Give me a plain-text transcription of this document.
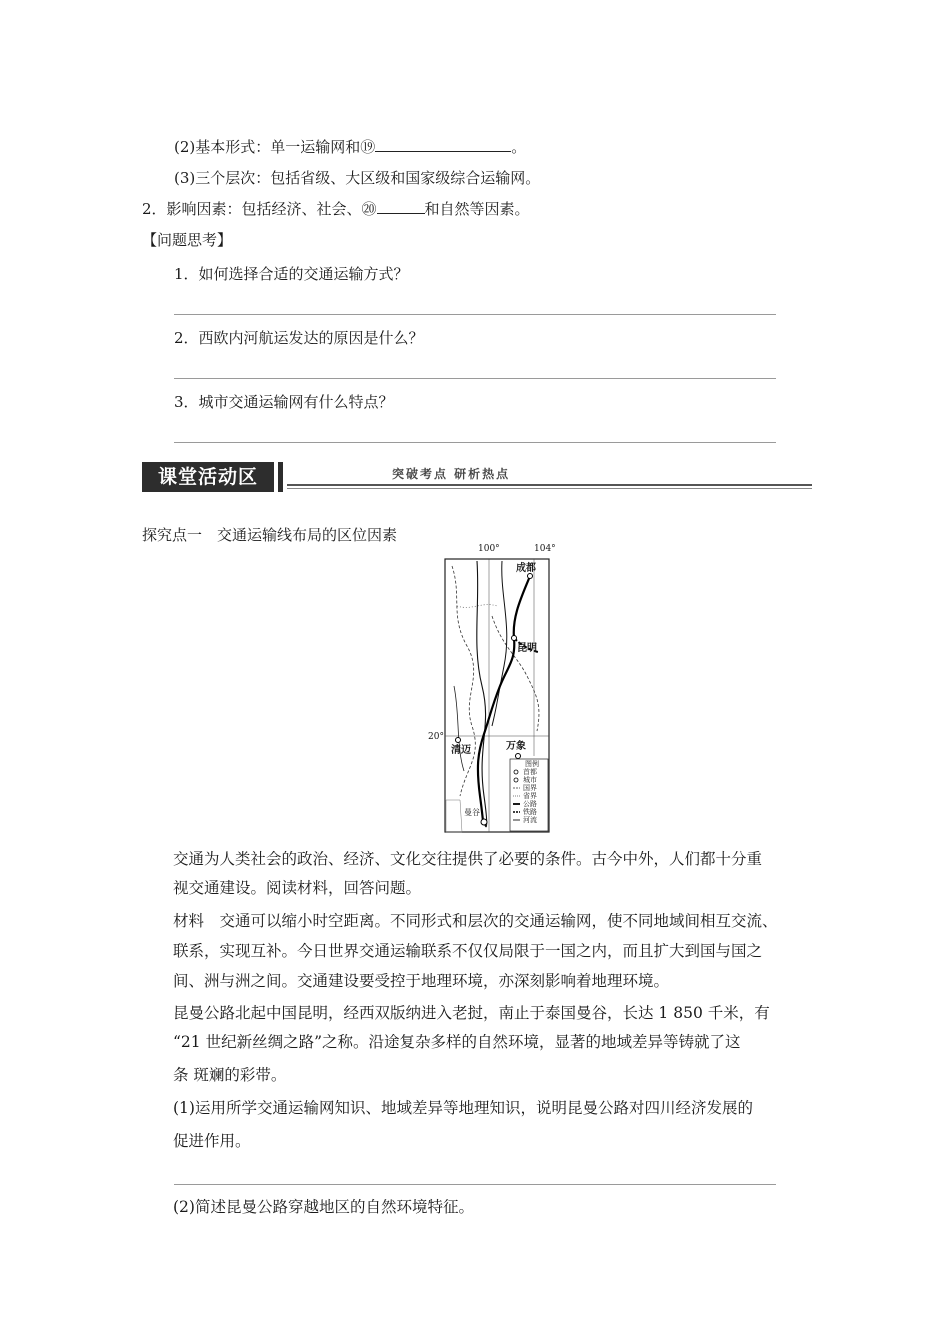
(2)基本形式：单一运输网和⑲	。
(3)三个层次：包括省级、大区级和国家级综合运输网。
2．影响因素：包括经济、社会、⑳	和自然等因素。
【问题思考】
1．如何选择合适的交通运输方式？
2．西欧内河航运发达的原因是什么？
3．城市交通运输网有什么特点？
课堂活动区	突破考点 研析热点
探究点一　交通运输线布局的区位因素
100°	104°
20°
成都
昆明
清迈	万象
曼谷
图例
首都
城市
国界
省界
公路
铁路
河流
交通为人类社会的政治、经济、文化交往提供了必要的条件。古今中外，人们都十分重
视交通建设。阅读材料，回答问题。
材料　交通可以缩小时空距离。不同形式和层次的交通运输网，使不同地域间相互交流、
联系，实现互补。今日世界交通运输联系不仅仅局限于一国之内，而且扩大到国与国之
间、洲与洲之间。交通建设要受控于地理环境，亦深刻影响着地理环境。
昆曼公路北起中国昆明，经西双版纳进入老挝，南止于泰国曼谷，长达 1 850 千米，有
“21 世纪新丝绸之路”之称。沿途复杂多样的自然环境，显著的地域差异等铸就了这
条 斑斓的彩带。
(1)运用所学交通运输网知识、地域差异等地理知识，说明昆曼公路对四川经济发展的
促进作用。
(2)简述昆曼公路穿越地区的自然环境特征。
